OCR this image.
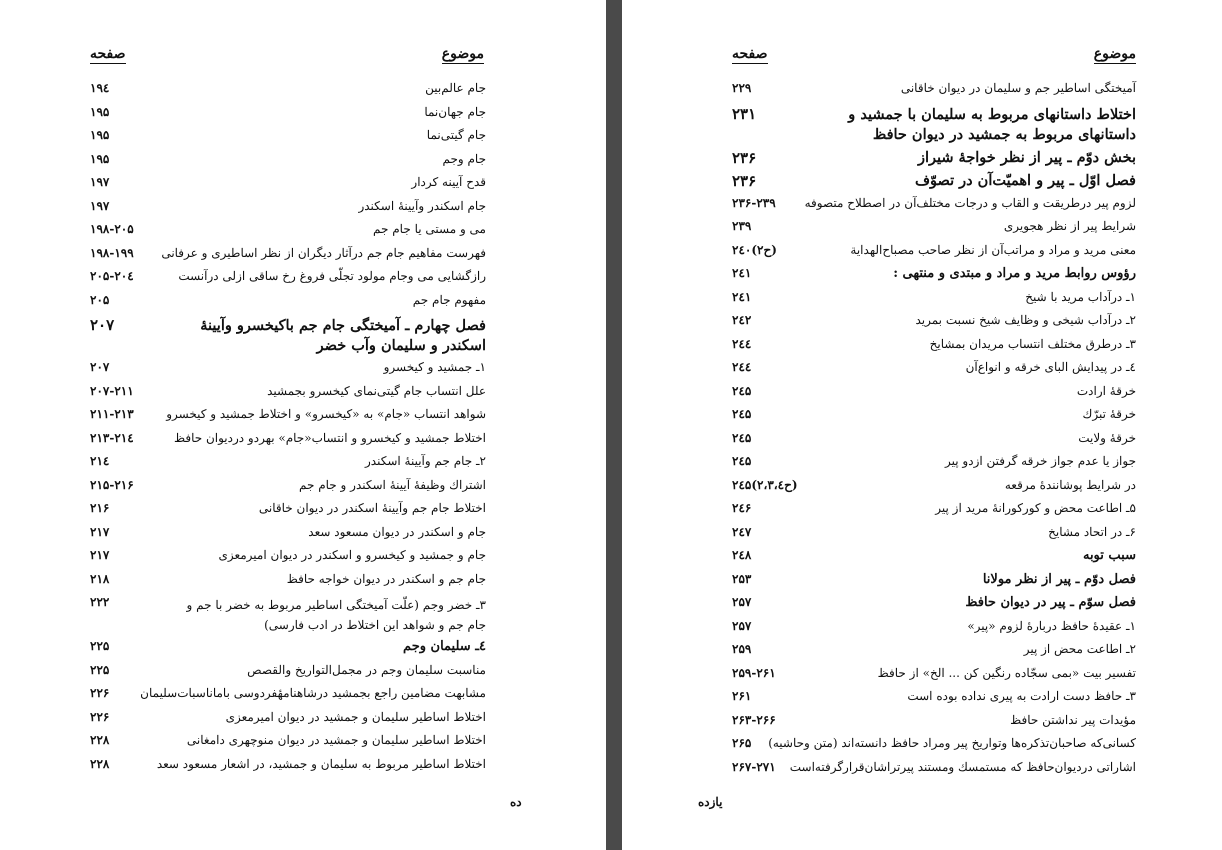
موضوع
صفحه
جام عالم‌بین
۱۹٤
جام جهان‌نما
۱۹۵
جام گیتی‌نما
۱۹۵
جام وجم
۱۹۵
قدح آیینه کردار
۱۹۷
جام اسکندر وآیینهٔ اسکندر
۱۹۷
می و مستی یا جام جم
۱۹۸-۲۰۵
فهرست مفاهیم جام جم درآثار دیگران از نظر اساطیری و عرفانی
۱۹۸-۱۹۹
رازگشایی می وجام مولود تجلّی فروغ رخ ساقی ازلی درآنست
۲۰٤-۲۰۵
مفهوم جام جم
۲۰۵
فصل چهارم ـ آمیختگی جام جم باکیخسرو وآیینهٔ اسکندر و سلیمان وآب خضر
۲۰۷
۱ـ جمشید و کیخسرو
۲۰۷
علل انتساب جام گیتی‌نمای کیخسرو بجمشید
۲۰۷-۲۱۱
شواهد انتساب «جام» به «کیخسرو» و اختلاط جمشید و کیخسرو
۲۱۱-۲۱۳
اختلاط جمشید و کیخسرو و انتساب«جام» بهردو دردیوان حافظ
۲۱۳-۲۱٤
۲ـ جام جم وآیینهٔ اسکندر
۲۱٤
اشتراك وظیفهٔ آیینهٔ اسکندر و جام جم
۲۱۵-۲۱۶
اختلاط جام جم وآیینهٔ اسکندر در دیوان خاقانی
۲۱۶
جام و اسکندر در دیوان مسعود سعد
۲۱۷
جام و جمشید و کیخسرو و اسکندر در دیوان امیرمعزی
۲۱۷
جام جم و اسکندر در دیوان خواجه حافظ
۲۱۸
۳ـ خضر وجم (علّت آمیختگی اساطیر مربوط به خضر با جم و جام جم و شواهد این اختلاط در ادب فارسی)
۲۲۲
٤ـ سلیمان وجم
۲۲۵
مناسبت سلیمان وجم در مجمل‌التواریخ والقصص
۲۲۵
مشابهت مضامین راجع بجمشید درشاهنامهٔفردوسی باماناسبات‌سلیمان
۲۲۶
اختلاط اساطیر سلیمان و جمشید در دیوان امیرمعزی
۲۲۶
اختلاط اساطیر سلیمان و جمشید در دیوان منوچهری دامغانی
۲۲۸
اختلاط اساطیر مربوط به سلیمان و جمشید، در اشعار مسعود سعد
۲۲۸
ده
موضوع
صفحه
آمیختگی اساطیر جم و سلیمان در دیوان خاقانی
۲۲۹
اختلاط داستانهای مربوط به سلیمان با جمشید و داستانهای مربوط به جمشید در دیوان حافظ
۲۳۱
بخش دوّم ـ پیر از نظر خواجهٔ شیراز
۲۳۶
فصل اوّل ـ پیر و اهمیّت‌آن در تصوّف
۲۳۶
لزوم پیر درطریقت و القاب و درجات مختلف‌آن در اصطلاح متصوفه
۲۳۶-۲۳۹
شرایط پیر از نظر هجویری
۲۳۹
معنی مرید و مراد و مراتب‌آن از نظر صاحب مصباح‌الهدایة
(ح۲)۲٤۰
رؤوس روابط مرید و مراد و مبتدی و منتهی :
۲٤۱
۱ـ درآداب مرید با شیخ
۲٤۱
۲ـ درآداب شیخی و وظایف شیخ نسبت بمرید
۲٤۲
۳ـ درطرق مختلف انتساب مریدان بمشایخ
۲٤٤
٤ـ در پیدایش البای خرقه و انواع‌آن
۲٤٤
خرقهٔ ارادت
۲٤۵
خرقهٔ تبرّك
۲٤۵
خرقهٔ ولایت
۲٤۵
جواز یا عدم جواز خرقه گرفتن ازدو پیر
۲٤۵
در شرایط پوشانندهٔ مرقعه
(ح۲،۳،٤)۲٤۵
۵ـ اطاعت محض و کورکورانهٔ مرید از پیر
۲٤۶
۶ـ در اتحاد مشایخ
۲٤۷
سبب توبه
۲٤۸
فصل دوّم ـ پیر از نظر مولانا
۲۵۳
فصل سوّم ـ پیر در دیوان حافظ
۲۵۷
۱ـ عقیدهٔ حافظ دربارهٔ لزوم «پیر»
۲۵۷
۲ـ اطاعت محض از پیر
۲۵۹
تفسیر بیت «بمی سجّاده رنگین کن ... الخ» از حافظ
۲۵۹-۲۶۱
۳ـ حافظ دست ارادت به پیری نداده بوده است
۲۶۱
مؤیدات پیر نداشتن حافظ
۲۶۳-۲۶۶
کسانی‌که صاحبان‌تذکره‌ها وتواریخ پیر ومراد حافظ دانسته‌اند (متن وحاشیه)
۲۶۵
اشاراتی دردیوان‌حافظ که مستمسك ومستند پیرتراشان‌قرار‌گرفته‌است
۲۶۷-۲۷۱
یازده
